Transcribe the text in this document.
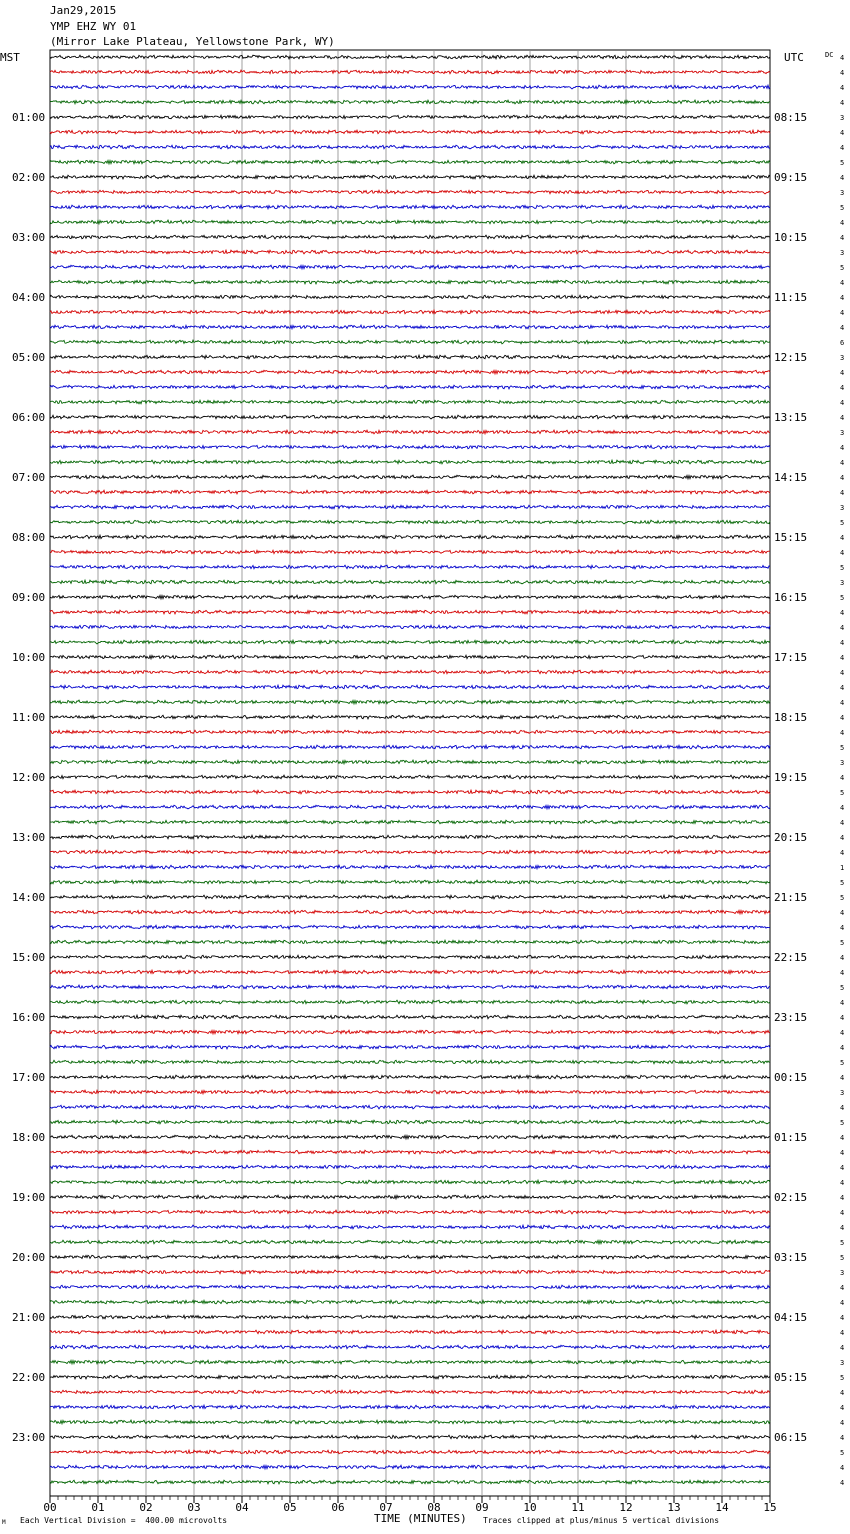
Jan29,2015
YMP EHZ WY 01
(Mirror Lake Plateau, Yellowstone Park, WY)
00	01	02	03	04	05	06	07	08	09	10	11	12	13	14	15
4
4
4
4
3
01:00	08:15
4
4
5
4
02:00	09:15
3
5
4
4
03:00	10:15
3
5
4
4
04:00	11:15
4
4
6
3
05:00	12:15
4
4
4
4
06:00	13:15
3
4
4
4
07:00	14:15
4
3
5
4
08:00	15:15
4
5
3
5
09:00	16:15
4
4
4
4
10:00	17:15
4
4
4
4
11:00	18:15
4
5
3
4
12:00	19:15
5
4
4
4
13:00	20:15
4
1
5
5
14:00	21:15
4
4
5
4
15:00	22:15
4
5
4
4
16:00	23:15
4
4
5
4
17:00	00:15
3
4
5
4
18:00	01:15
4
4
4
4
19:00	02:15
4
4
5
5
20:00	03:15
3
4
4
4
21:00	04:15
4
4
3
5
22:00	05:15
4
4
4
4
23:00	06:15
5
4
4
MST	UTC	DC
M Each Vertical Division =  400.00 microvolts	TIME (MINUTES) Traces clipped at plus/minus 5 vertical divisions
